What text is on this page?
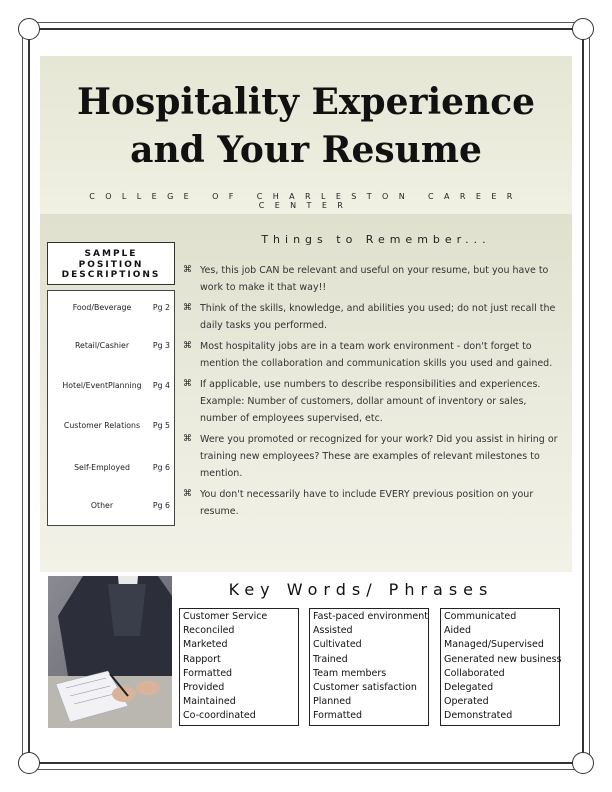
Hospitality Experience
and Your Resume
COLLEGE OF CHARLESTON CAREER CENTER
SAMPLE
POSITION
DESCRIPTIONS
Food/Beverage	Pg 2
Retail/Cashier	Pg 3
Hotel/EventPlanning	Pg 4
Customer Relations	Pg 5
Self-Employed	Pg 6
Other	Pg 6
Things to Remember...
⌘ Yes, this job CAN be relevant and useful on your resume, but you have to work to make it that way!!
⌘ Think of the skills, knowledge, and abilities you used; do not just recall the daily tasks you performed.
⌘ Most hospitality jobs are in a team work environment - don't forget to mention the collaboration and communication skills you used and gained.
⌘ If applicable, use numbers to describe responsibilities and experiences. Example: Number of customers, dollar amount of inventory or sales, number of employees supervised, etc.
⌘ Were you promoted or recognized for your work? Did you assist in hiring or training new employees? These are examples of relevant milestones to mention.
⌘ You don't necessarily have to include EVERY previous position on your resume.
Key Words/ Phrases
Customer Service
Reconciled
Marketed
Rapport
Formatted
Provided
Maintained
Co-coordinated
Fast-paced environment
Assisted
Cultivated
Trained
Team members
Customer satisfaction
Planned
Formatted
Communicated
Aided
Managed/Supervised
Generated new business
Collaborated
Delegated
Operated
Demonstrated
